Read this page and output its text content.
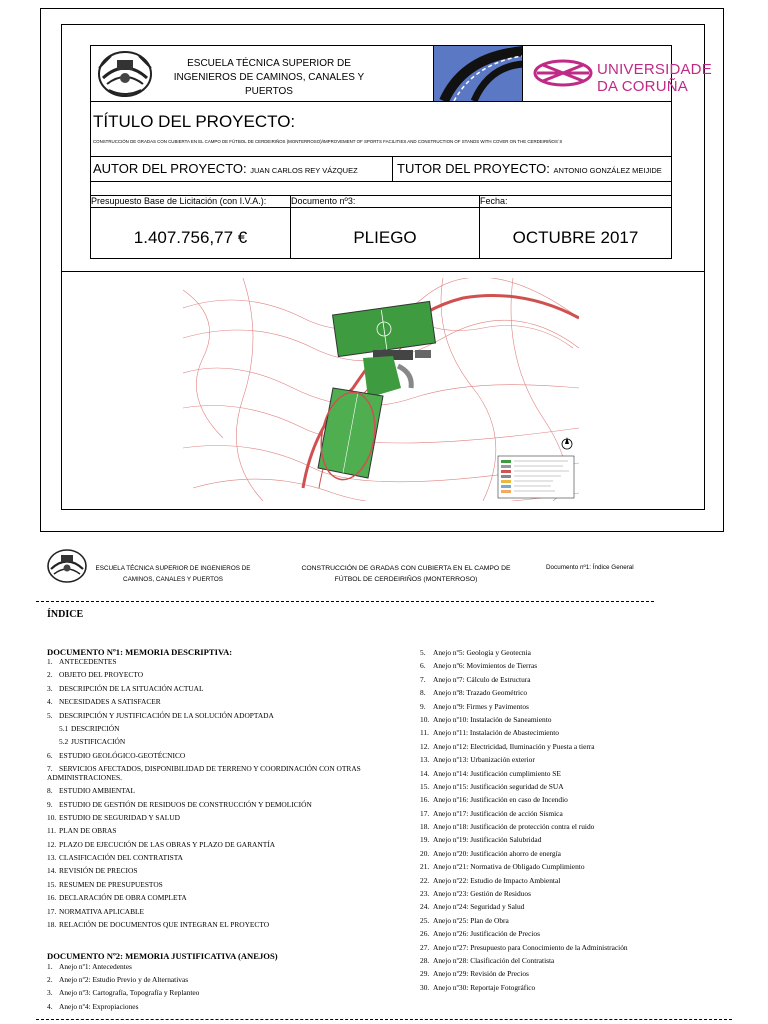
ESCUELA TÉCNICA SUPERIOR DE INGENIEROS DE CAMINOS, CANALES Y PUERTOS
UNIVERSIDADE DA CORUÑA
TÍTULO DEL PROYECTO:
CONSTRUCCIÓN DE GRADAS CON CUBIERTA EN EL CAMPO DE FÚTBOL DE CERDEIRIÑOS (MONTERROSO)/IMPROVEMENT OF SPORTS FACILITIES AND CONSTRUCTION OF STANDS WITH COVER ON THE CERDEIRIÑOS´S
AUTOR DEL PROYECTO: JUAN CARLOS REY VÁZQUEZ	TUTOR DEL PROYECTO: ANTONIO GONZÁLEZ MEIJIDE
Presupuesto Base de Licitación (con I.V.A.):
1.407.756,77 €
Documento nº3:
PLIEGO
Fecha:
OCTUBRE 2017
ESCUELA TÉCNICA SUPERIOR DE INGENIEROS DE CAMINOS, CANALES Y PUERTOS
CONSTRUCCIÓN DE GRADAS CON CUBIERTA EN EL CAMPO DE FÚTBOL DE CERDEIRIÑOS (MONTERROSO)
Documento nº1: Índice General
ÍNDICE
DOCUMENTO Nº1: MEMORIA DESCRIPTIVA:
1.  ANTECEDENTES
2.  OBJETO DEL PROYECTO
3.  DESCRIPCIÓN DE LA SITUACIÓN ACTUAL
4.  NECESIDADES A SATISFACER
5.  DESCRIPCIÓN Y JUSTIFICACIÓN DE LA SOLUCIÓN ADOPTADA
5.1  DESCRIPCIÓN
5.2  JUSTIFICACIÓN
6.  ESTUDIO GEOLÓGICO-GEOTÉCNICO
7.  SERVICIOS AFECTADOS, DISPONIBILIDAD DE TERRENO Y COORDINACIÓN CON OTRAS ADMINISTRACIONES.
8.  ESTUDIO AMBIENTAL
9.  ESTUDIO DE GESTIÓN DE RESIDUOS DE CONSTRUCCIÓN Y DEMOLICIÓN
10.  ESTUDIO DE SEGURIDAD Y SALUD
11.  PLAN DE OBRAS
12.  PLAZO DE EJECUCIÓN DE LAS OBRAS Y PLAZO DE GARANTÍA
13.  CLASIFICACIÓN DEL CONTRATISTA
14.  REVISIÓN DE PRECIOS
15.  RESUMEN DE PRESUPUESTOS
16.  DECLARACIÓN DE OBRA COMPLETA
17.  NORMATIVA APLICABLE
18.  RELACIÓN DE DOCUMENTOS QUE INTEGRAN EL PROYECTO
DOCUMENTO Nº2: MEMORIA JUSTIFICATIVA (ANEJOS)
1.  Anejo nº1: Antecedentes
2.  Anejo nº2: Estudio Previo y de Alternativas
3.  Anejo nº3: Cartografía, Topografía y Replanteo
4.  Anejo nº4: Expropiaciones
5.  Anejo nº5: Geología y Geotecnia
6.  Anejo nº6: Movimientos de Tierras
7.  Anejo nº7: Cálculo de Estructura
8.  Anejo nº8: Trazado Geométrico
9.  Anejo nº9: Firmes y Pavimentos
10.  Anejo nº10: Instalación de Saneamiento
11.  Anejo nº11: Instalación de Abastecimiento
12.  Anejo nº12: Electricidad, Iluminación y Puesta a tierra
13.  Anejo nº13: Urbanización exterior
14.  Anejo nº14: Justificación cumplimiento SE
15.  Anejo nº15: Justificación seguridad de SUA
16.  Anejo nº16: Justificación en caso de Incendio
17.  Anejo nº17: Justificación de acción Sísmica
18.  Anejo nº18: Justificación de protección contra el ruido
19.  Anejo nº19: Justificación Salubridad
20.  Anejo nº20: Justificación ahorro de energía
21.  Anejo nº21: Normativa de Obligado Cumplimiento
22.  Anejo nº22: Estudio de Impacto Ambiental
23.  Anejo nº23: Gestión de Residuos
24.  Anejo nº24: Seguridad y Salud
25.  Anejo nº25: Plan de Obra
26.  Anejo nº26: Justificación de Precios
27.  Anejo nº27: Presupuesto para Conocimiento de la Administración
28.  Anejo nº28: Clasificación del Contratista
29.  Anejo nº29: Revisión de Precios
30.  Anejo nº30: Reportaje Fotográfico
